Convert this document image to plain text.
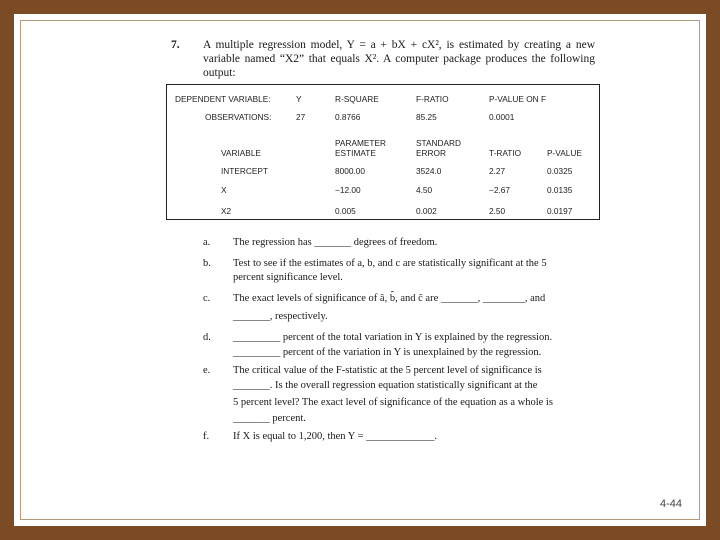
7. A multiple regression model, Y = a + bX + cX², is estimated by creating a new variable named “X2” that equals X². A computer package produces the following output:
DEPENDENT VARIABLE:	Y	R-SQUARE	F-RATIO	P-VALUE ON F
OBSERVATIONS:	27	0.8766	85.25	0.0001
PARAMETER	STANDARD
VARIABLE	ESTIMATE	ERROR	T-RATIO	P-VALUE
INTERCEPT	8000.00	3524.0	2.27	0.0325
X	−12.00	4.50	−2.67	0.0135
X2	0.005	0.002	2.50	0.0197
a. The regression has _______ degrees of freedom.
b. Test to see if the estimates of a, b, and c are statistically significant at the 5
percent significance level.
c. The exact levels of significance of â, b̂, and ĉ are _______, ________, and
_______, respectively.
d. _________ percent of the total variation in Y is explained by the regression.
_________ percent of the variation in Y is unexplained by the regression.
e. The critical value of the F-statistic at the 5 percent level of significance is
_______. Is the overall regression equation statistically significant at the
5 percent level? The exact level of significance of the equation as a whole is
_______ percent.
f. If X is equal to 1,200, then Y = _____________.
4-44
